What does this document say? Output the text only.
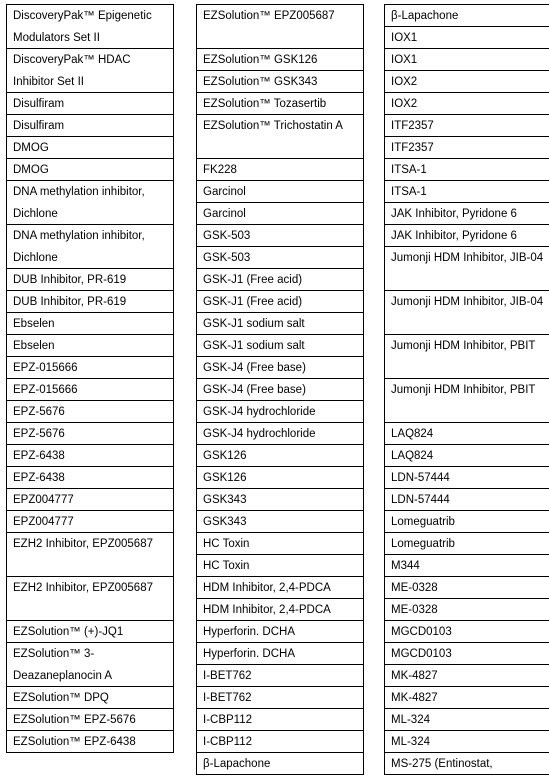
DiscoveryPak™ Epigenetic Modulators Set II
DiscoveryPak™ HDAC Inhibitor Set II
Disulfiram
Disulfiram
DMOG
DMOG
DNA methylation inhibitor, Dichlone
DNA methylation inhibitor, Dichlone
DUB Inhibitor, PR-619
DUB Inhibitor, PR-619
Ebselen
Ebselen
EPZ-015666
EPZ-015666
EPZ-5676
EPZ-5676
EPZ-6438
EPZ-6438
EPZ004777
EPZ004777
EZH2 Inhibitor, EPZ005687
EZH2 Inhibitor, EPZ005687
EZSolution™ (+)-JQ1
EZSolution™ 3-Deazaneplanocin A
EZSolution™ DPQ
EZSolution™ EPZ-5676
EZSolution™ EPZ-6438
EZSolution™ EPZ005687
EZSolution™ GSK126
EZSolution™ GSK343
EZSolution™ Tozasertib
EZSolution™ Trichostatin A
FK228
Garcinol
Garcinol
GSK-503
GSK-503
GSK-J1 (Free acid)
GSK-J1 (Free acid)
GSK-J1 sodium salt
GSK-J1 sodium salt
GSK-J4 (Free base)
GSK-J4 (Free base)
GSK-J4 hydrochloride
GSK-J4 hydrochloride
GSK126
GSK126
GSK343
GSK343
HC Toxin
HC Toxin
HDM Inhibitor, 2,4-PDCA
HDM Inhibitor, 2,4-PDCA
Hyperforin. DCHA
Hyperforin. DCHA
I-BET762
I-BET762
I-CBP112
I-CBP112
β-Lapachone
β-Lapachone
IOX1
IOX1
IOX2
IOX2
ITF2357
ITF2357
ITSA-1
ITSA-1
JAK Inhibitor, Pyridone 6
JAK Inhibitor, Pyridone 6
Jumonji HDM Inhibitor, JIB-04
Jumonji HDM Inhibitor, JIB-04
Jumonji HDM Inhibitor, PBIT
Jumonji HDM Inhibitor, PBIT
LAQ824
LAQ824
LDN-57444
LDN-57444
Lomeguatrib
Lomeguatrib
M344
ME-0328
ME-0328
MGCD0103
MGCD0103
MK-4827
MK-4827
ML-324
ML-324
MS-275 (Entinostat,
